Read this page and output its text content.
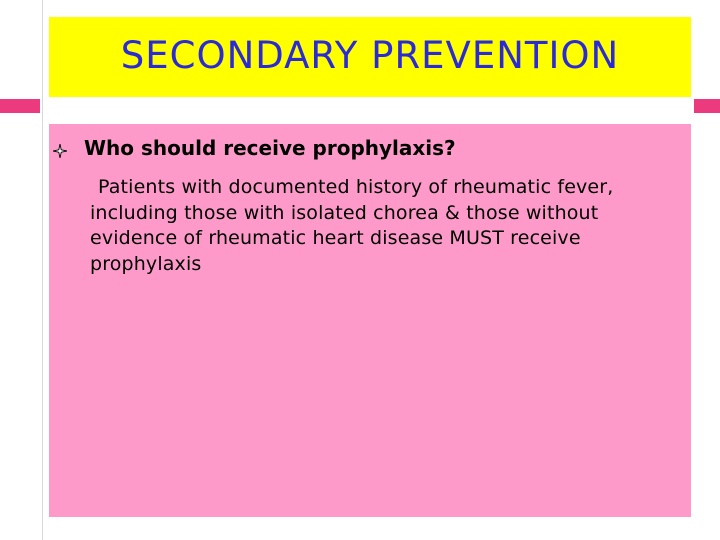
SECONDARY PREVENTION
Who should receive prophylaxis?
Patients with documented history of rheumatic fever, including those with isolated chorea & those without evidence of rheumatic heart disease MUST receive prophylaxis
